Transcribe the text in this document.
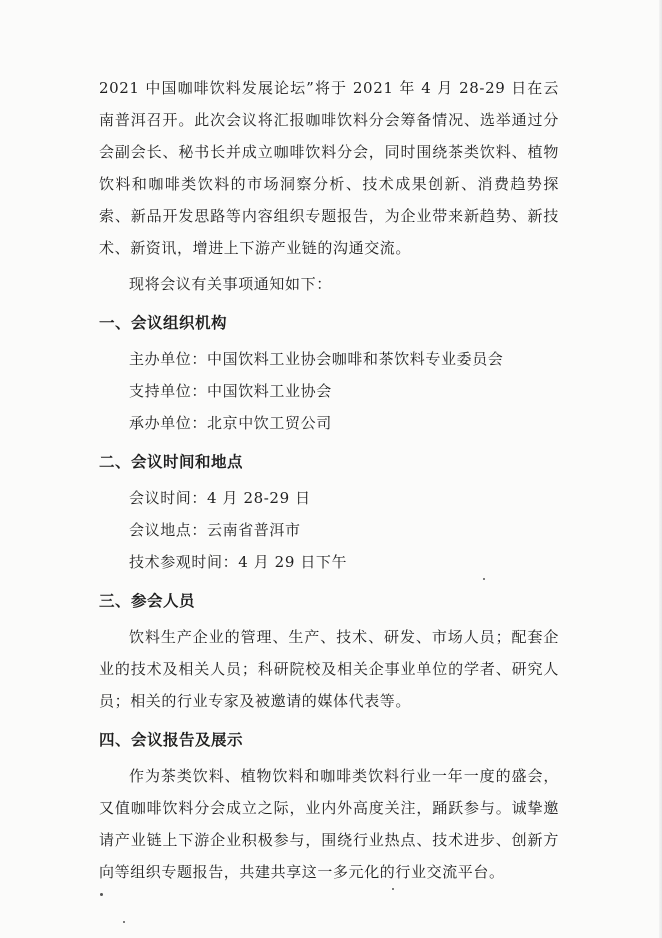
2021 中国咖啡饮料发展论坛”将于 2021 年 4 月 28-29 日在云南普洱召开。此次会议将汇报咖啡饮料分会筹备情况、选举通过分会副会长、秘书长并成立咖啡饮料分会，同时围绕茶类饮料、植物饮料和咖啡类饮料的市场洞察分析、技术成果创新、消费趋势探索、新品开发思路等内容组织专题报告，为企业带来新趋势、新技术、新资讯，增进上下游产业链的沟通交流。

现将会议有关事项通知如下：

一、会议组织机构

主办单位：中国饮料工业协会咖啡和茶饮料专业委员会

支持单位：中国饮料工业协会

承办单位：北京中饮工贸公司

二、会议时间和地点

会议时间：4 月 28-29 日

会议地点：云南省普洱市

技术参观时间：4 月 29 日下午

三、参会人员

饮料生产企业的管理、生产、技术、研发、市场人员；配套企业的技术及相关人员；科研院校及相关企事业单位的学者、研究人员；相关的行业专家及被邀请的媒体代表等。

四、会议报告及展示

作为茶类饮料、植物饮料和咖啡类饮料行业一年一度的盛会，又值咖啡饮料分会成立之际，业内外高度关注，踊跃参与。诚挚邀请产业链上下游企业积极参与，围绕行业热点、技术进步、创新方向等组织专题报告，共建共享这一多元化的行业交流平台。
